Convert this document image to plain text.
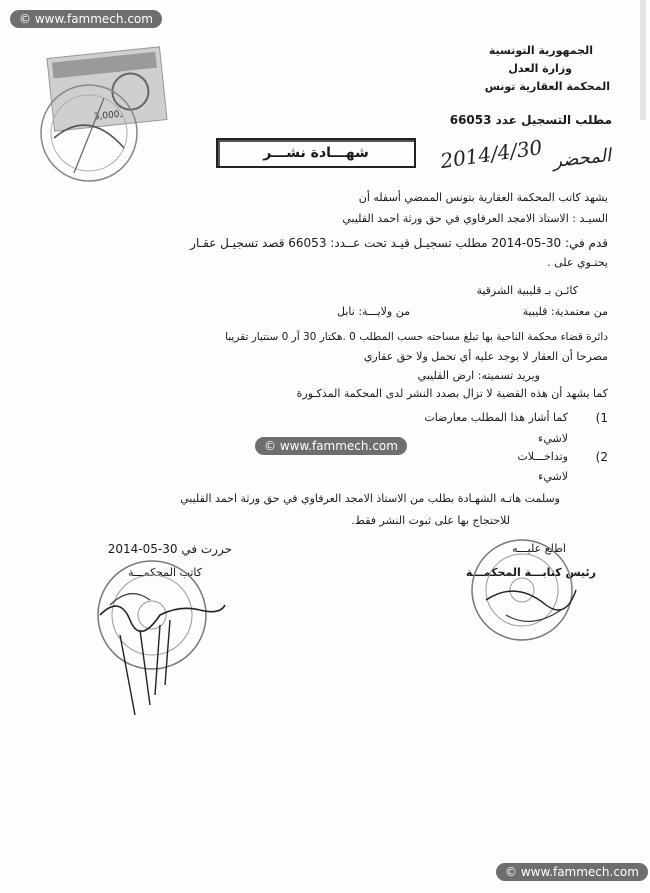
© www.fammech.com
© www.fammech.com
© www.fammech.com
3,000د
الجمهورية التونسية
وزارة العدل
المحكمة العقارية تونس
مطلب التسجيل عدد 66053
2014/4/30 المحضر
شهـــادة نشـــر
يشهد كاتب المحكمة العقارية بتونس الممضي أسفله أن
السيـد : الاستاذ الامجد العرفاوي في حق ورثة احمد القليبي
قدم في: 30-05-2014 مطلب تسجيـل قيـد تحت عــدد: 66053 قصد تسجيـل عقـار
يحتـوي على .
كائـن بـ قليبية الشرقية
من معتمدية: قليبية
من ولايـــة: نابل
دائرة قضاء محكمة الناحية بها تبلغ مساحته حسب المطلب 0 .هكتار 30 آر 0 سنتيار تقريبا
مصرحا أن العقار لا يوجد عليه أي تحمل ولا حق عقاري
ويريد تسميته: ارض القليبي
كما يشهد أن هذه القضية لا تزال بصدد النشر لدى المحكمة المذكـورة
(1
كما أشار هذا المطلب معارضات
لاشيء
(2
وتداخـــلات
لاشيء
وسلمت هاتـه الشهـادة بطلب من الاستاذ الامجد العرفاوي في حق ورثة احمد القليبي
للاحتجاج بها على ثبوت النشر فقط.
حررت في 30-05-2014
كاتب المحكمـــة
اطلع عليـــه
رئيس كتابـــة المحكمـــة
